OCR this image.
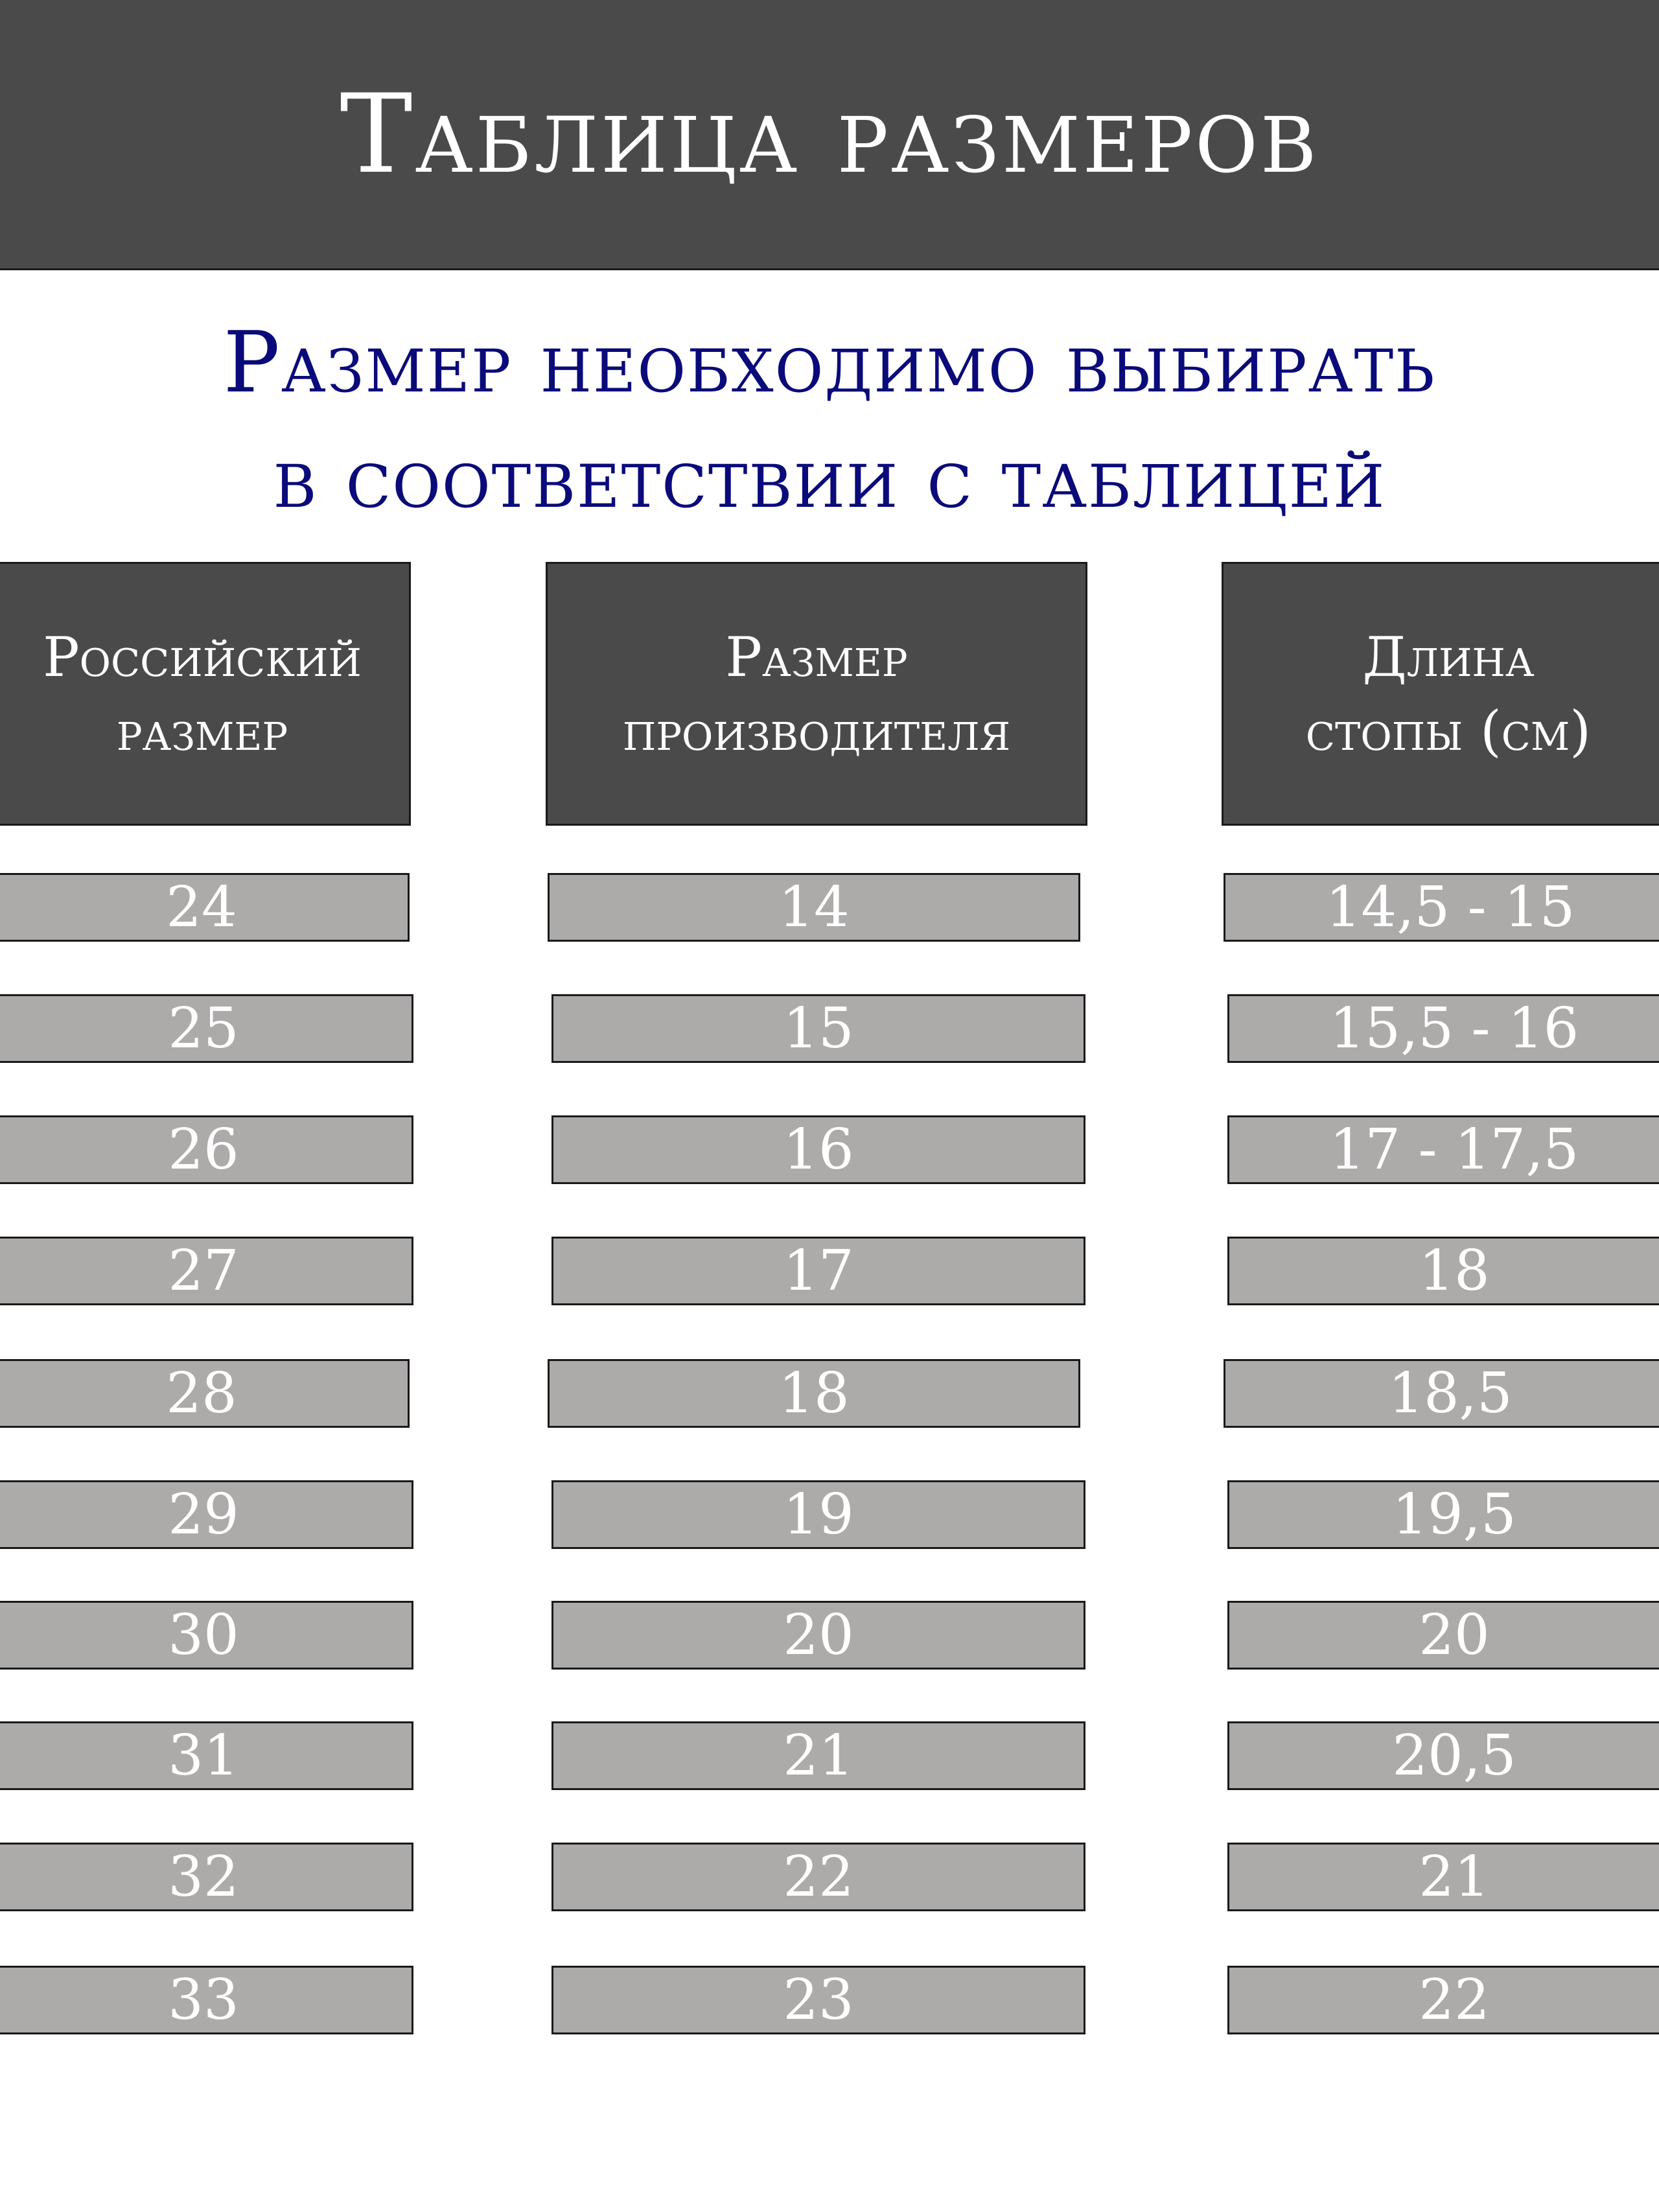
Таблица размеров
Размер необходимо выбирать
в соответствии с таблицей
Российский
размер
24
25
26
27
28
29
30
31
32
33
Размер
производителя
14
15
16
17
18
19
20
21
22
23
Длина
стопы (см)
14,5 - 15
15,5 - 16
17 - 17,5
18
18,5
19,5
20
20,5
21
22
